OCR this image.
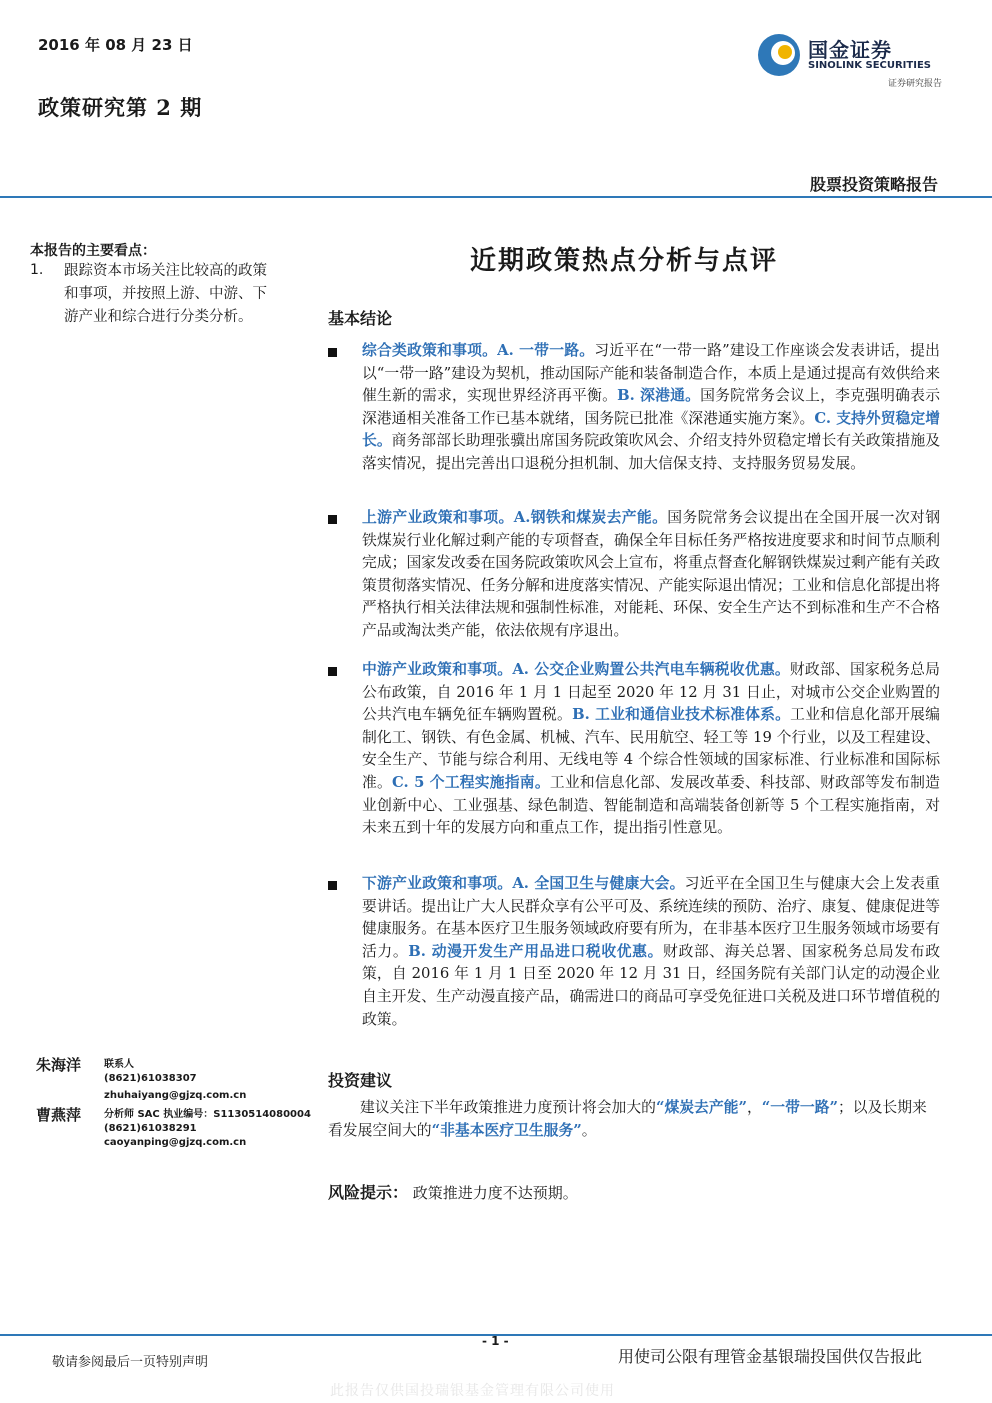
2016 年 08 月 23 日
政策研究第 2 期
国金证券
SINOLINK SECURITIES
证券研究报告
股票投资策略报告
本报告的主要看点：
1. 跟踪资本市场关注比较高的政策和事项，并按照上游、中游、下游产业和综合进行分类分析。
朱海洋 联系人
(8621)61038307
zhuhaiyang@gjzq.com.cn
曹燕萍 分析师 SAC 执业编号：S1130514080004
(8621)61038291
caoyanping@gjzq.com.cn
近期政策热点分析与点评
基本结论
综合类政策和事项。A. 一带一路。习近平在“一带一路”建设工作座谈会发表讲话，提出以“一带一路”建设为契机，推动国际产能和装备制造合作，本质上是通过提高有效供给来催生新的需求，实现世界经济再平衡。B. 深港通。国务院常务会议上，李克强明确表示深港通相关准备工作已基本就绪，国务院已批准《深港通实施方案》。C. 支持外贸稳定增长。商务部部长助理张骥出席国务院政策吹风会、介绍支持外贸稳定增长有关政策措施及落实情况，提出完善出口退税分担机制、加大信保支持、支持服务贸易发展。
上游产业政策和事项。A.钢铁和煤炭去产能。国务院常务会议提出在全国开展一次对钢铁煤炭行业化解过剩产能的专项督查，确保全年目标任务严格按进度要求和时间节点顺利完成；国家发改委在国务院政策吹风会上宣布，将重点督查化解钢铁煤炭过剩产能有关政策贯彻落实情况、任务分解和进度落实情况、产能实际退出情况；工业和信息化部提出将严格执行相关法律法规和强制性标准，对能耗、环保、安全生产达不到标准和生产不合格产品或淘汰类产能，依法依规有序退出。
中游产业政策和事项。A. 公交企业购置公共汽电车辆税收优惠。财政部、国家税务总局公布政策，自 2016 年 1 月 1 日起至 2020 年 12 月 31 日止，对城市公交企业购置的公共汽电车辆免征车辆购置税。B. 工业和通信业技术标准体系。工业和信息化部开展编制化工、钢铁、有色金属、机械、汽车、民用航空、轻工等 19 个行业，以及工程建设、安全生产、节能与综合利用、无线电等 4 个综合性领域的国家标准、行业标准和国际标准。C. 5 个工程实施指南。工业和信息化部、发展改革委、科技部、财政部等发布制造业创新中心、工业强基、绿色制造、智能制造和高端装备创新等 5 个工程实施指南，对未来五到十年的发展方向和重点工作，提出指引性意见。
下游产业政策和事项。A. 全国卫生与健康大会。习近平在全国卫生与健康大会上发表重要讲话。提出让广大人民群众享有公平可及、系统连续的预防、治疗、康复、健康促进等健康服务。在基本医疗卫生服务领域政府要有所为，在非基本医疗卫生服务领域市场要有活力。B. 动漫开发生产用品进口税收优惠。财政部、海关总署、国家税务总局发布政策，自 2016 年 1 月 1 日至 2020 年 12 月 31 日，经国务院有关部门认定的动漫企业自主开发、生产动漫直接产品，确需进口的商品可享受免征进口关税及进口环节增值税的政策。
投资建议
建议关注下半年政策推进力度预计将会加大的“煤炭去产能”，“一带一路”；以及长期来看发展空间大的“非基本医疗卫生服务”。
风险提示： 政策推进力度不达预期。
- 1 -
敬请参阅最后一页特别声明	用使司公限有理管金基银瑞投国供仅告报此
此报告仅供国投瑞银基金管理有限公司使用
